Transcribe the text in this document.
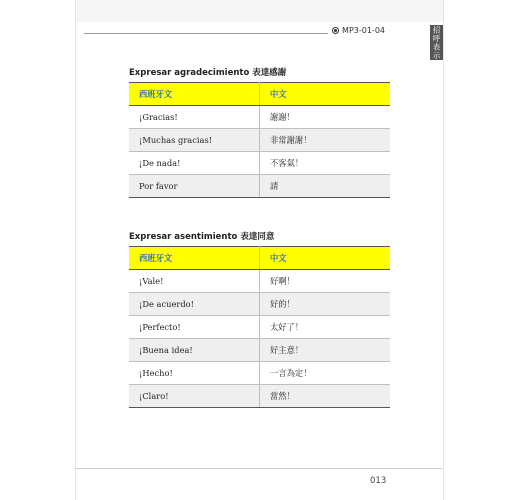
MP3-01-04	招呼表示
Expresar agradecimiento 表達感謝
西班牙文	中文
¡Gracias!	謝謝！
¡Muchas gracias!	非常謝謝！
¡De nada!	不客氣！
Por favor	請
Expresar asentimiento 表達同意
西班牙文	中文
¡Vale!	好啊！
¡De acuerdo!	好的！
¡Perfecto!	太好了！
¡Buena idea!	好主意！
¡Hecho!	一言為定！
¡Claro!	當然！
013
